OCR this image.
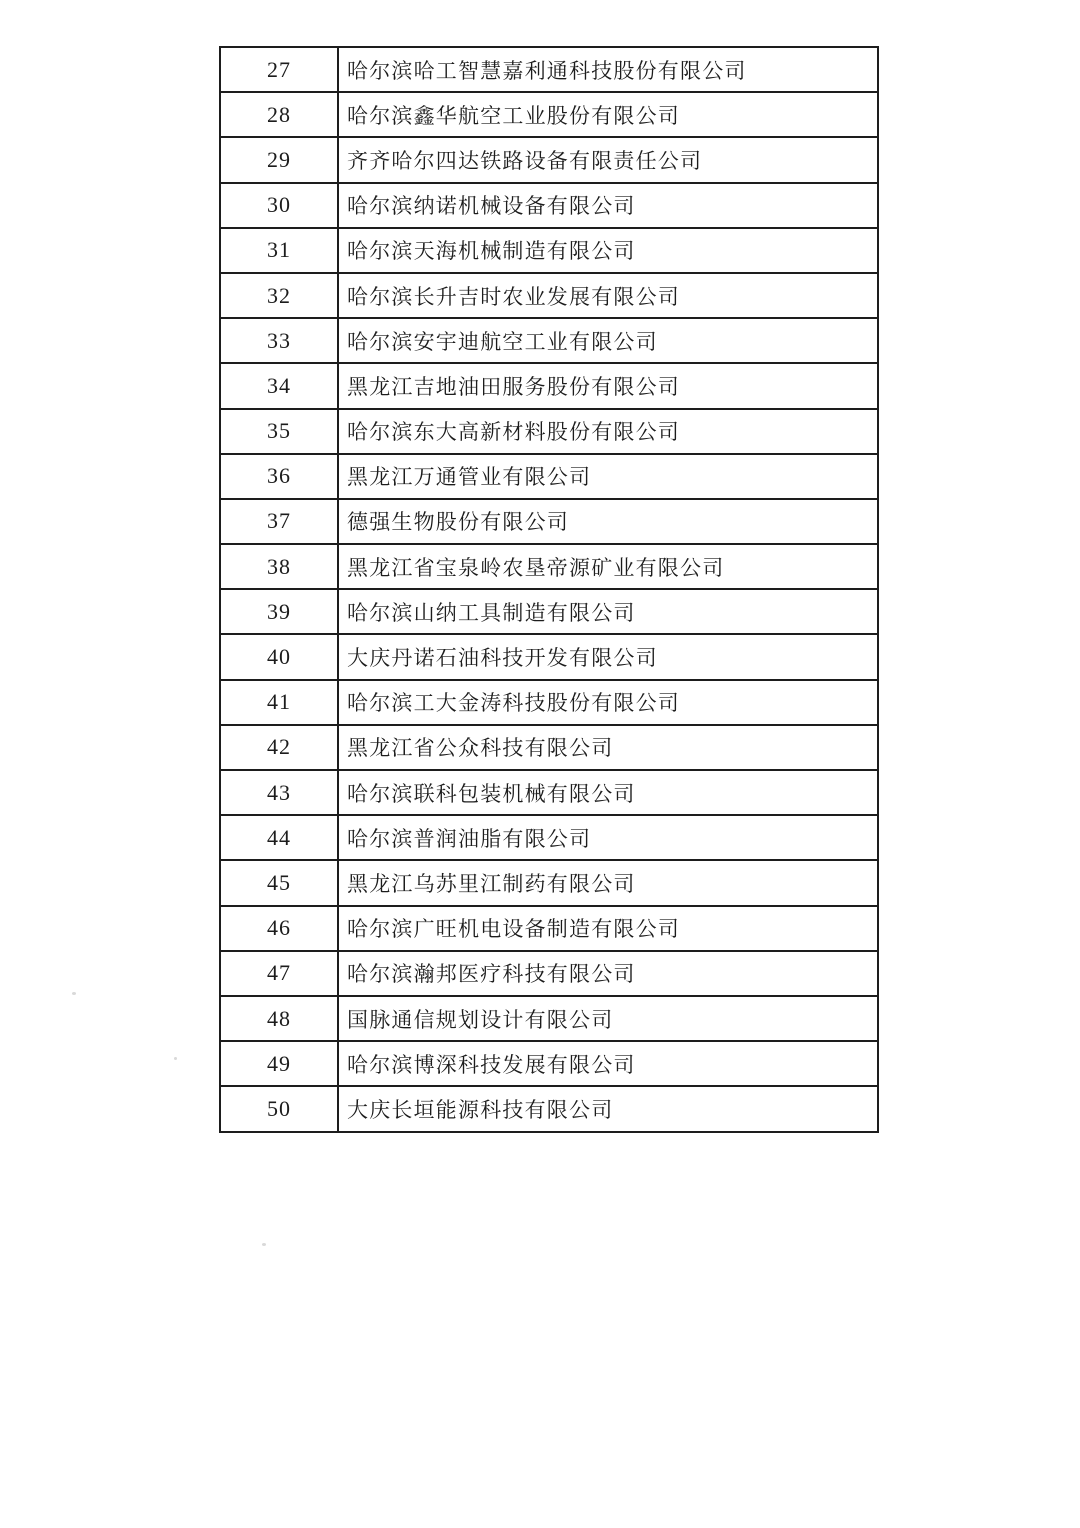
27	哈尔滨哈工智慧嘉利通科技股份有限公司
28	哈尔滨鑫华航空工业股份有限公司
29	齐齐哈尔四达铁路设备有限责任公司
30	哈尔滨纳诺机械设备有限公司
31	哈尔滨天海机械制造有限公司
32	哈尔滨长升吉时农业发展有限公司
33	哈尔滨安宇迪航空工业有限公司
34	黑龙江吉地油田服务股份有限公司
35	哈尔滨东大高新材料股份有限公司
36	黑龙江万通管业有限公司
37	德强生物股份有限公司
38	黑龙江省宝泉岭农垦帝源矿业有限公司
39	哈尔滨山纳工具制造有限公司
40	大庆丹诺石油科技开发有限公司
41	哈尔滨工大金涛科技股份有限公司
42	黑龙江省公众科技有限公司
43	哈尔滨联科包装机械有限公司
44	哈尔滨普润油脂有限公司
45	黑龙江乌苏里江制药有限公司
46	哈尔滨广旺机电设备制造有限公司
47	哈尔滨瀚邦医疗科技有限公司
48	国脉通信规划设计有限公司
49	哈尔滨博深科技发展有限公司
50	大庆长垣能源科技有限公司
